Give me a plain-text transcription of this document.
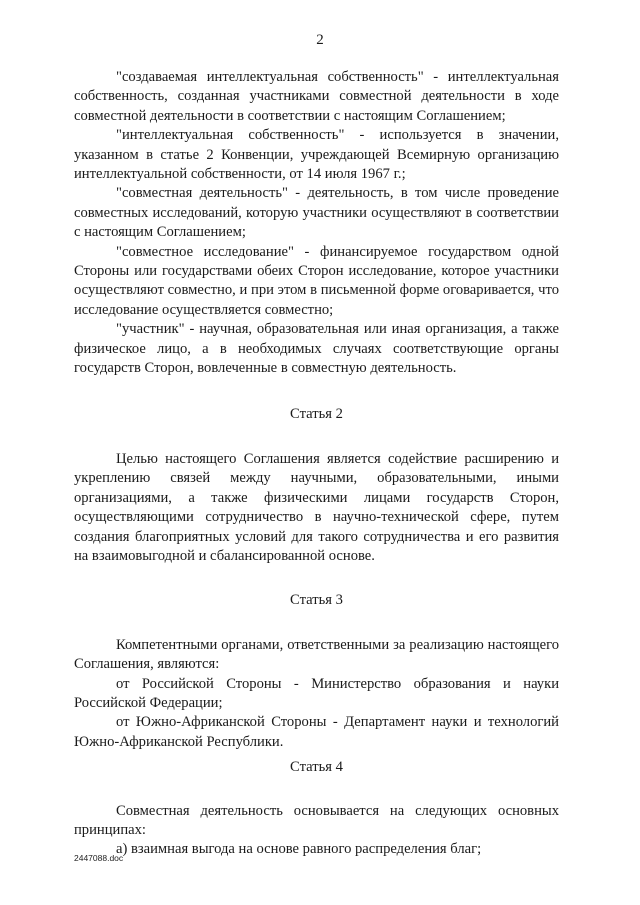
2

"создаваемая интеллектуальная собственность" - интеллектуальная собственность, созданная участниками совместной деятельности в ходе совместной деятельности в соответствии с настоящим Соглашением;

"интеллектуальная собственность" - используется в значении, указанном в статье 2 Конвенции, учреждающей Всемирную организацию интеллектуальной собственности, от 14 июля 1967 г.;

"совместная деятельность" - деятельность, в том числе проведение совместных исследований, которую участники осуществляют в соответствии с настоящим Соглашением;

"совместное исследование" - финансируемое государством одной Стороны или государствами обеих Сторон исследование, которое участники осуществляют совместно, и при этом в письменной форме оговаривается, что исследование осуществляется совместно;

"участник" - научная, образовательная или иная организация, а также физическое лицо, а в необходимых случаях соответствующие органы государств Сторон, вовлеченные в совместную деятельность.

Статья 2

Целью настоящего Соглашения является содействие расширению и укреплению связей между научными, образовательными, иными организациями, а также физическими лицами государств Сторон, осуществляющими сотрудничество в научно-технической сфере, путем создания благоприятных условий для такого сотрудничества и его развития на взаимовыгодной и сбалансированной основе.

Статья 3

Компетентными органами, ответственными за реализацию настоящего Соглашения, являются:

от Российской Стороны - Министерство образования и науки Российской Федерации;

от Южно-Африканской Стороны - Департамент науки и технологий Южно-Африканской Республики.

Статья 4

Совместная деятельность основывается на следующих основных принципах:

а) взаимная выгода на основе равного распределения благ;

2447088.doc
